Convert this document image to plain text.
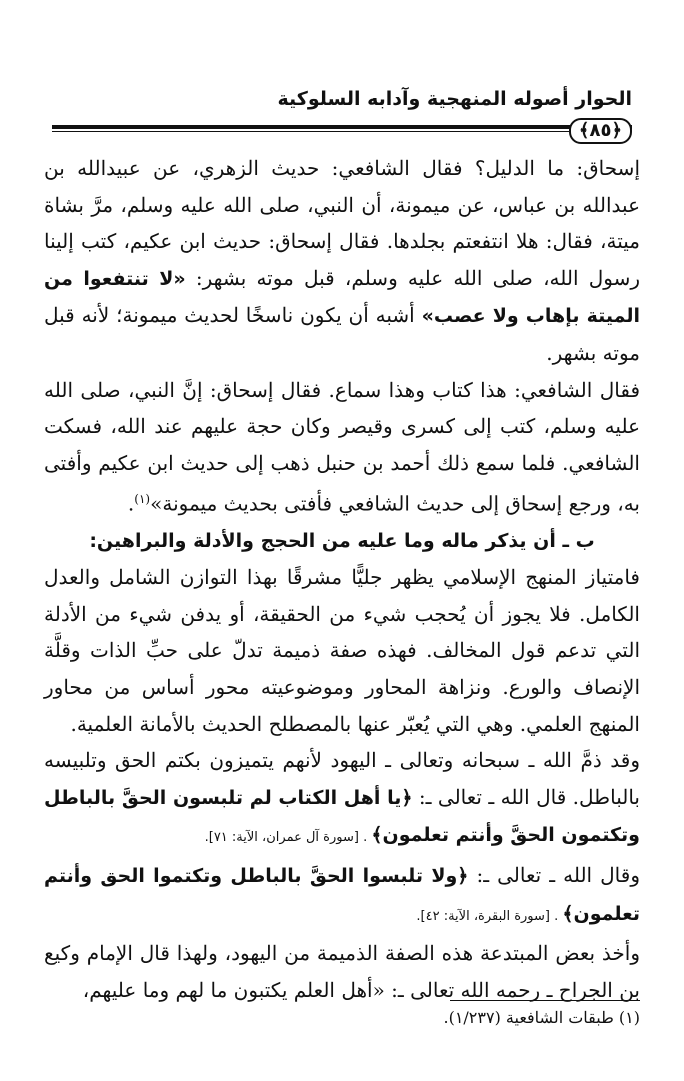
الحوار أصوله المنهجية وآدابه السلوكية
﴿٨٥﴾

إسحاق: ما الدليل؟ فقال الشافعي: حديث الزهري، عن عبيدالله بن عبدالله بن عباس، عن ميمونة، أن النبي، صلى الله عليه وسلم، مرَّ بشاة ميتة، فقال: هلا انتفعتم بجلدها. فقال إسحاق: حديث ابن عكيم، كتب إلينا رسول الله، صلى الله عليه وسلم، قبل موته بشهر: «لا تنتفعوا من الميتة بإهاب ولا عصب» أشبه أن يكون ناسخًا لحديث ميمونة؛ لأنه قبل موته بشهر.

فقال الشافعي: هذا كتاب وهذا سماع. فقال إسحاق: إنَّ النبي، صلى الله عليه وسلم، كتب إلى كسرى وقيصر وكان حجة عليهم عند الله، فسكت الشافعي. فلما سمع ذلك أحمد بن حنبل ذهب إلى حديث ابن عكيم وأفتى به، ورجع إسحاق إلى حديث الشافعي فأفتى بحديث ميمونة»$^{(١)}$.

ب ـ أن يذكر ماله وما عليه من الحجج والأدلة والبراهين:

فامتياز المنهج الإسلامي يظهر جليًّا مشرقًا بهذا التوازن الشامل والعدل الكامل. فلا يجوز أن يُحجب شيء من الحقيقة، أو يدفن شيء من الأدلة التي تدعم قول المخالف. فهذه صفة ذميمة تدلّ على حبِّ الذات وقلَّة الإنصاف والورع. ونزاهة المحاور وموضوعيته محور أساس من محاور المنهج العلمي. وهي التي يُعبّر عنها بالمصطلح الحديث بالأمانة العلمية.

وقد ذمَّ الله ـ سبحانه وتعالى ـ اليهود لأنهم يتميزون بكتم الحق وتلبيسه بالباطل. قال الله ـ تعالى ـ: ﴿يا أهل الكتاب لم تلبسون الحقَّ بالباطل وتكتمون الحقَّ وأنتم تعلمون﴾ . [سورة آل عمران، الآية: ٧١].

وقال الله ـ تعالى ـ: ﴿ولا تلبسوا الحقَّ بالباطل وتكتموا الحق وأنتم تعلمون﴾ . [سورة البقرة، الآية: ٤٢].

وأخذ بعض المبتدعة هذه الصفة الذميمة من اليهود، ولهذا قال الإمام وكيع بن الجراح ـ رحمه الله تعالى ـ: «أهل العلم يكتبون ما لهم وما عليهم،

(١) طبقات الشافعية (١/٢٣٧).
